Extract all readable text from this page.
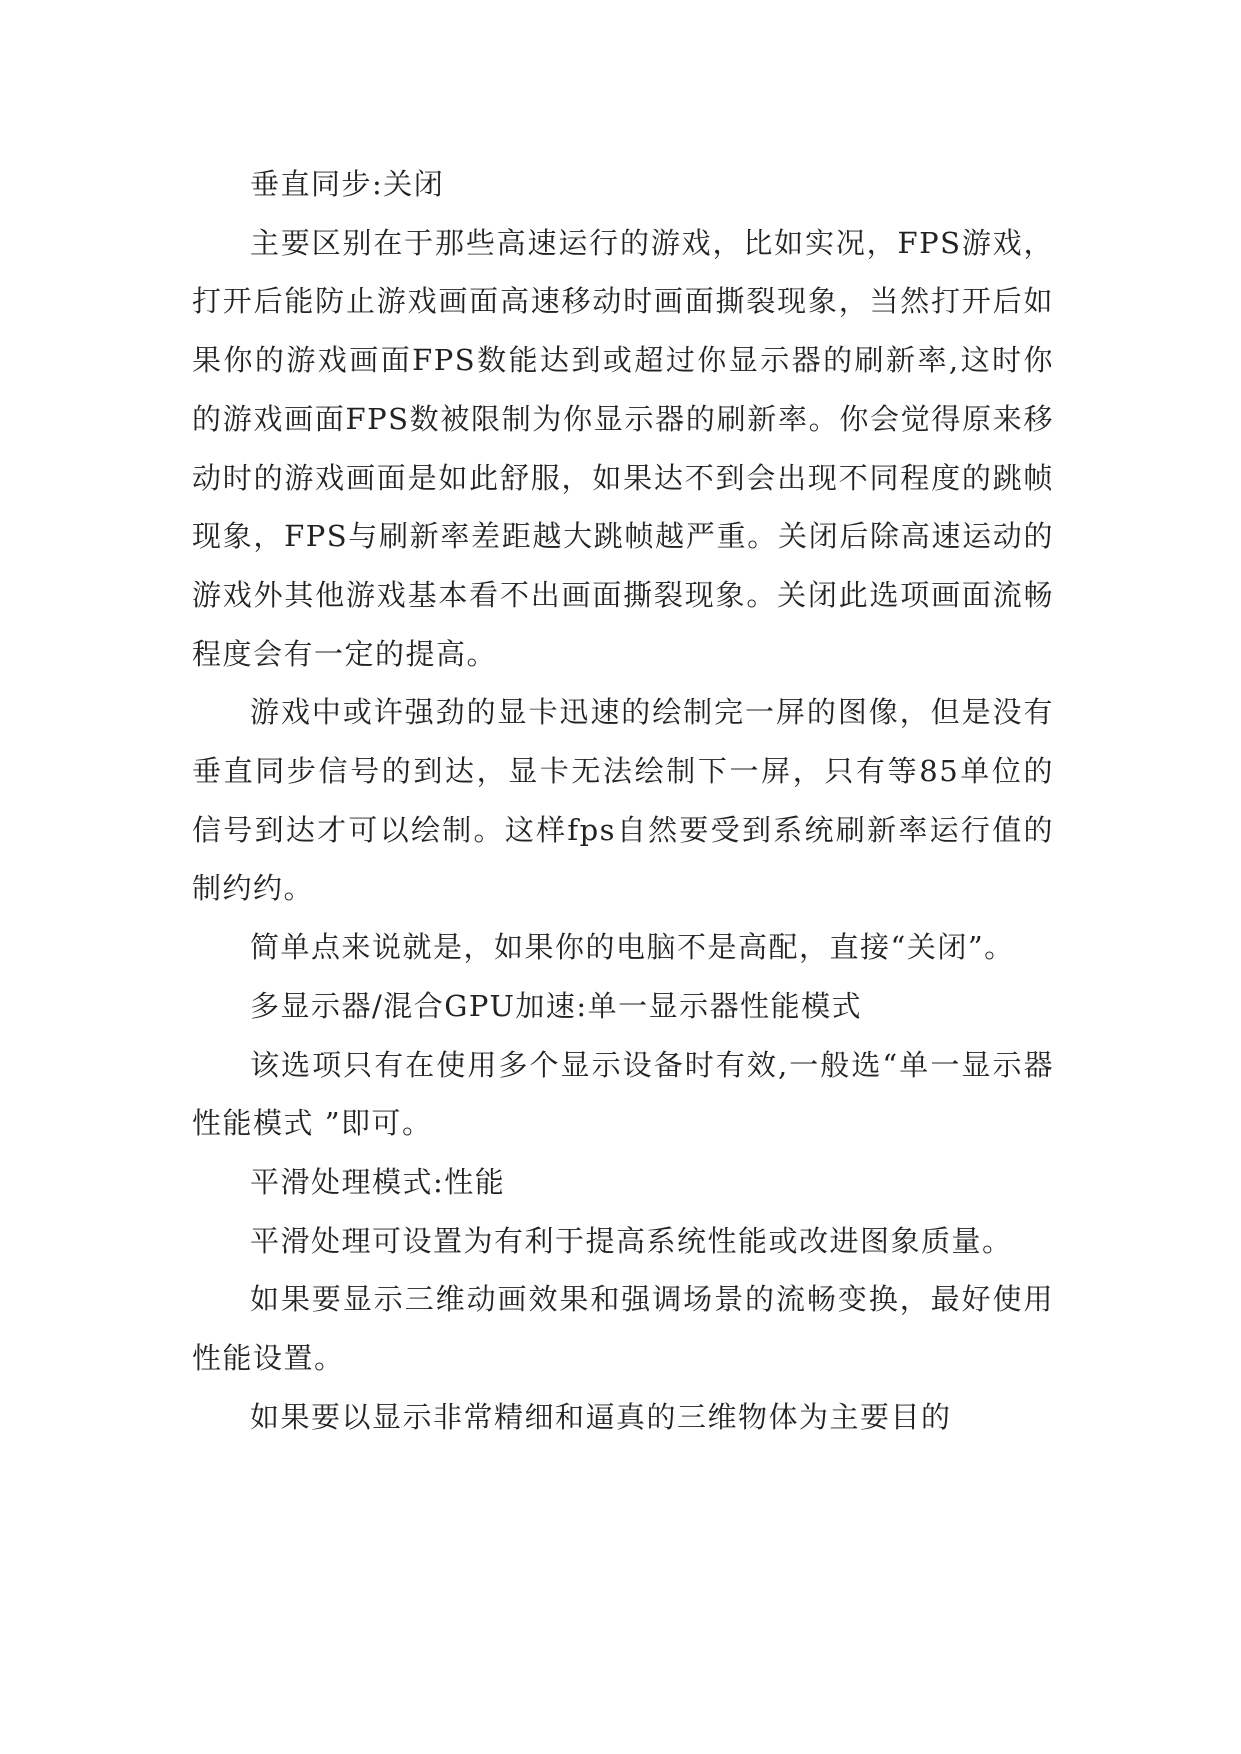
垂直同步:关闭

主要区别在于那些高速运行的游戏，比如实况，FPS游戏，打开后能防止游戏画面高速移动时画面撕裂现象，当然打开后如果你的游戏画面FPS数能达到或超过你显示器的刷新率,这时你的游戏画面FPS数被限制为你显示器的刷新率。你会觉得原来移动时的游戏画面是如此舒服，如果达不到会出现不同程度的跳帧现象，FPS与刷新率差距越大跳帧越严重。关闭后除高速运动的游戏外其他游戏基本看不出画面撕裂现象。关闭此选项画面流畅程度会有一定的提高。

游戏中或许强劲的显卡迅速的绘制完一屏的图像，但是没有垂直同步信号的到达，显卡无法绘制下一屏，只有等85单位的信号到达才可以绘制。这样fps自然要受到系统刷新率运行值的制约约。

简单点来说就是，如果你的电脑不是高配，直接“关闭”。

多显示器/混合GPU加速:单一显示器性能模式

该选项只有在使用多个显示设备时有效,一般选“单一显示器性能模式 ”即可。

平滑处理模式:性能

平滑处理可设置为有利于提高系统性能或改进图象质量。

如果要显示三维动画效果和强调场景的流畅变换，最好使用性能设置。

如果要以显示非常精细和逼真的三维物体为主要目的
